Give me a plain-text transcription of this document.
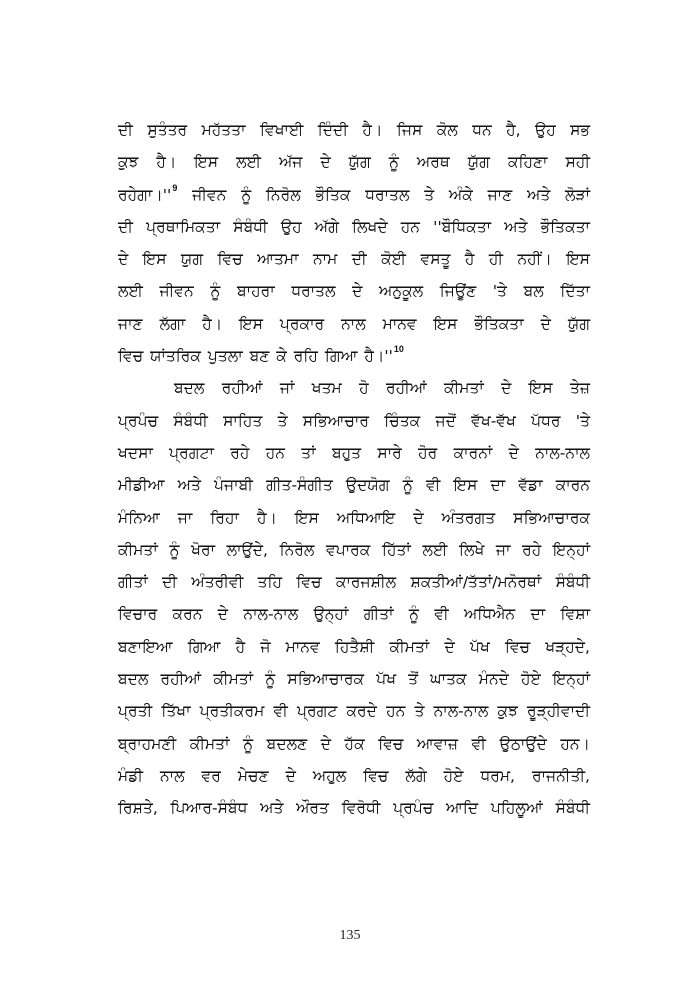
ਦੀ ਸੁਤੰਤਰ ਮਹੱਤਤਾ ਵਿਖਾਈ ਦਿੰਦੀ ਹੈ। ਜਿਸ ਕੋਲ ਧਨ ਹੈ, ਉਹ ਸਭ
ਕੁਝ ਹੈ। ਇਸ ਲਈ ਅੱਜ ਦੇ ਯੁੱਗ ਨੂੰ ਅਰਥ ਯੁੱਗ ਕਹਿਣਾ ਸਹੀ
ਰਹੇਗਾ।''$^9$ ਜੀਵਨ ਨੂੰ ਨਿਰੋਲ ਭੌਤਿਕ ਧਰਾਤਲ ਤੇ ਅੰਕੇ ਜਾਣ ਅਤੇ ਲੋੜਾਂ
ਦੀ ਪ੍ਰਥਾਮਿਕਤਾ ਸੰਬੰਧੀ ਉਹ ਅੱਗੇ ਲਿਖਦੇ ਹਨ ''ਬੌਧਿਕਤਾ ਅਤੇ ਭੌਤਿਕਤਾ
ਦੇ ਇਸ ਯੁਗ ਵਿਚ ਆਤਮਾ ਨਾਮ ਦੀ ਕੋਈ ਵਸਤੂ ਹੈ ਹੀ ਨਹੀਂ। ਇਸ
ਲਈ ਜੀਵਨ ਨੂੰ ਬਾਹਰਾ ਧਰਾਤਲ ਦੇ ਅਨੁਕੂਲ ਜਿਊਂਣ 'ਤੇ ਬਲ ਦਿੱਤਾ
ਜਾਣ ਲੱਗਾ ਹੈ। ਇਸ ਪ੍ਰਕਾਰ ਨਾਲ ਮਾਨਵ ਇਸ ਭੌਤਿਕਤਾ ਦੇ ਯੁੱਗ
ਵਿਚ ਯਾਂਤਰਿਕ ਪੁਤਲਾ ਬਣ ਕੇ ਰਹਿ ਗਿਆ ਹੈ।''$^{10}$
ਬਦਲ ਰਹੀਆਂ ਜਾਂ ਖਤਮ ਹੋ ਰਹੀਆਂ ਕੀਮਤਾਂ ਦੇ ਇਸ ਤੇਜ਼
ਪ੍ਰਪੰਚ ਸੰਬੰਧੀ ਸਾਹਿਤ ਤੇ ਸਭਿਆਚਾਰ ਚਿੰਤਕ ਜਦੋਂ ਵੱਖ-ਵੱਖ ਪੱਧਰ 'ਤੇ
ਖਦਸਾ ਪ੍ਰਗਟਾ ਰਹੇ ਹਨ ਤਾਂ ਬਹੁਤ ਸਾਰੇ ਹੋਰ ਕਾਰਨਾਂ ਦੇ ਨਾਲ-ਨਾਲ
ਮੀਡੀਆ ਅਤੇ ਪੰਜਾਬੀ ਗੀਤ-ਸੰਗੀਤ ਉਦਯੋਗ ਨੂੰ ਵੀ ਇਸ ਦਾ ਵੱਡਾ ਕਾਰਨ
ਮੰਨਿਆ ਜਾ ਰਿਹਾ ਹੈ। ਇਸ ਅਧਿਆਇ ਦੇ ਅੰਤਰਗਤ ਸਭਿਆਚਾਰਕ
ਕੀਮਤਾਂ ਨੂੰ ਖੋਰਾ ਲਾਉਂਦੇ, ਨਿਰੋਲ ਵਪਾਰਕ ਹਿੱਤਾਂ ਲਈ ਲਿਖੇ ਜਾ ਰਹੇ ਇਨ੍ਹਾਂ
ਗੀਤਾਂ ਦੀ ਅੰਤਰੀਵੀ ਤਹਿ ਵਿਚ ਕਾਰਜਸ਼ੀਲ ਸ਼ਕਤੀਆਂ/ਤੱਤਾਂ/ਮਨੋਰਥਾਂ ਸੰਬੰਧੀ
ਵਿਚਾਰ ਕਰਨ ਦੇ ਨਾਲ-ਨਾਲ ਉਨ੍ਹਾਂ ਗੀਤਾਂ ਨੂੰ ਵੀ ਅਧਿਐਨ ਦਾ ਵਿਸ਼ਾ
ਬਣਾਇਆ ਗਿਆ ਹੈ ਜੋ ਮਾਨਵ ਹਿਤੈਸ਼ੀ ਕੀਮਤਾਂ ਦੇ ਪੱਖ ਵਿਚ ਖੜ੍ਹਦੇ,
ਬਦਲ ਰਹੀਆਂ ਕੀਮਤਾਂ ਨੂੰ ਸਭਿਆਚਾਰਕ ਪੱਖ ਤੋਂ ਘਾਤਕ ਮੰਨਦੇ ਹੋਏ ਇਨ੍ਹਾਂ
ਪ੍ਰਤੀ ਤਿੱਖਾ ਪ੍ਰਤੀਕਰਮ ਵੀ ਪ੍ਰਗਟ ਕਰਦੇ ਹਨ ਤੇ ਨਾਲ-ਨਾਲ ਕੁਝ ਰੂੜ੍ਹੀਵਾਦੀ
ਬ੍ਰਾਹਮਣੀ ਕੀਮਤਾਂ ਨੂੰ ਬਦਲਣ ਦੇ ਹੱਕ ਵਿਚ ਆਵਾਜ਼ ਵੀ ਉਠਾਉਂਦੇ ਹਨ।
ਮੰਡੀ ਨਾਲ ਵਰ ਮੇਚਣ ਦੇ ਅਹੁਲ ਵਿਚ ਲੱਗੇ ਹੋਏ ਧਰਮ, ਰਾਜਨੀਤੀ,
ਰਿਸ਼ਤੇ, ਪਿਆਰ-ਸੰਬੰਧ ਅਤੇ ਔਰਤ ਵਿਰੋਧੀ ਪ੍ਰਪੰਚ ਆਦਿ ਪਹਿਲੂਆਂ ਸੰਬੰਧੀ
135
